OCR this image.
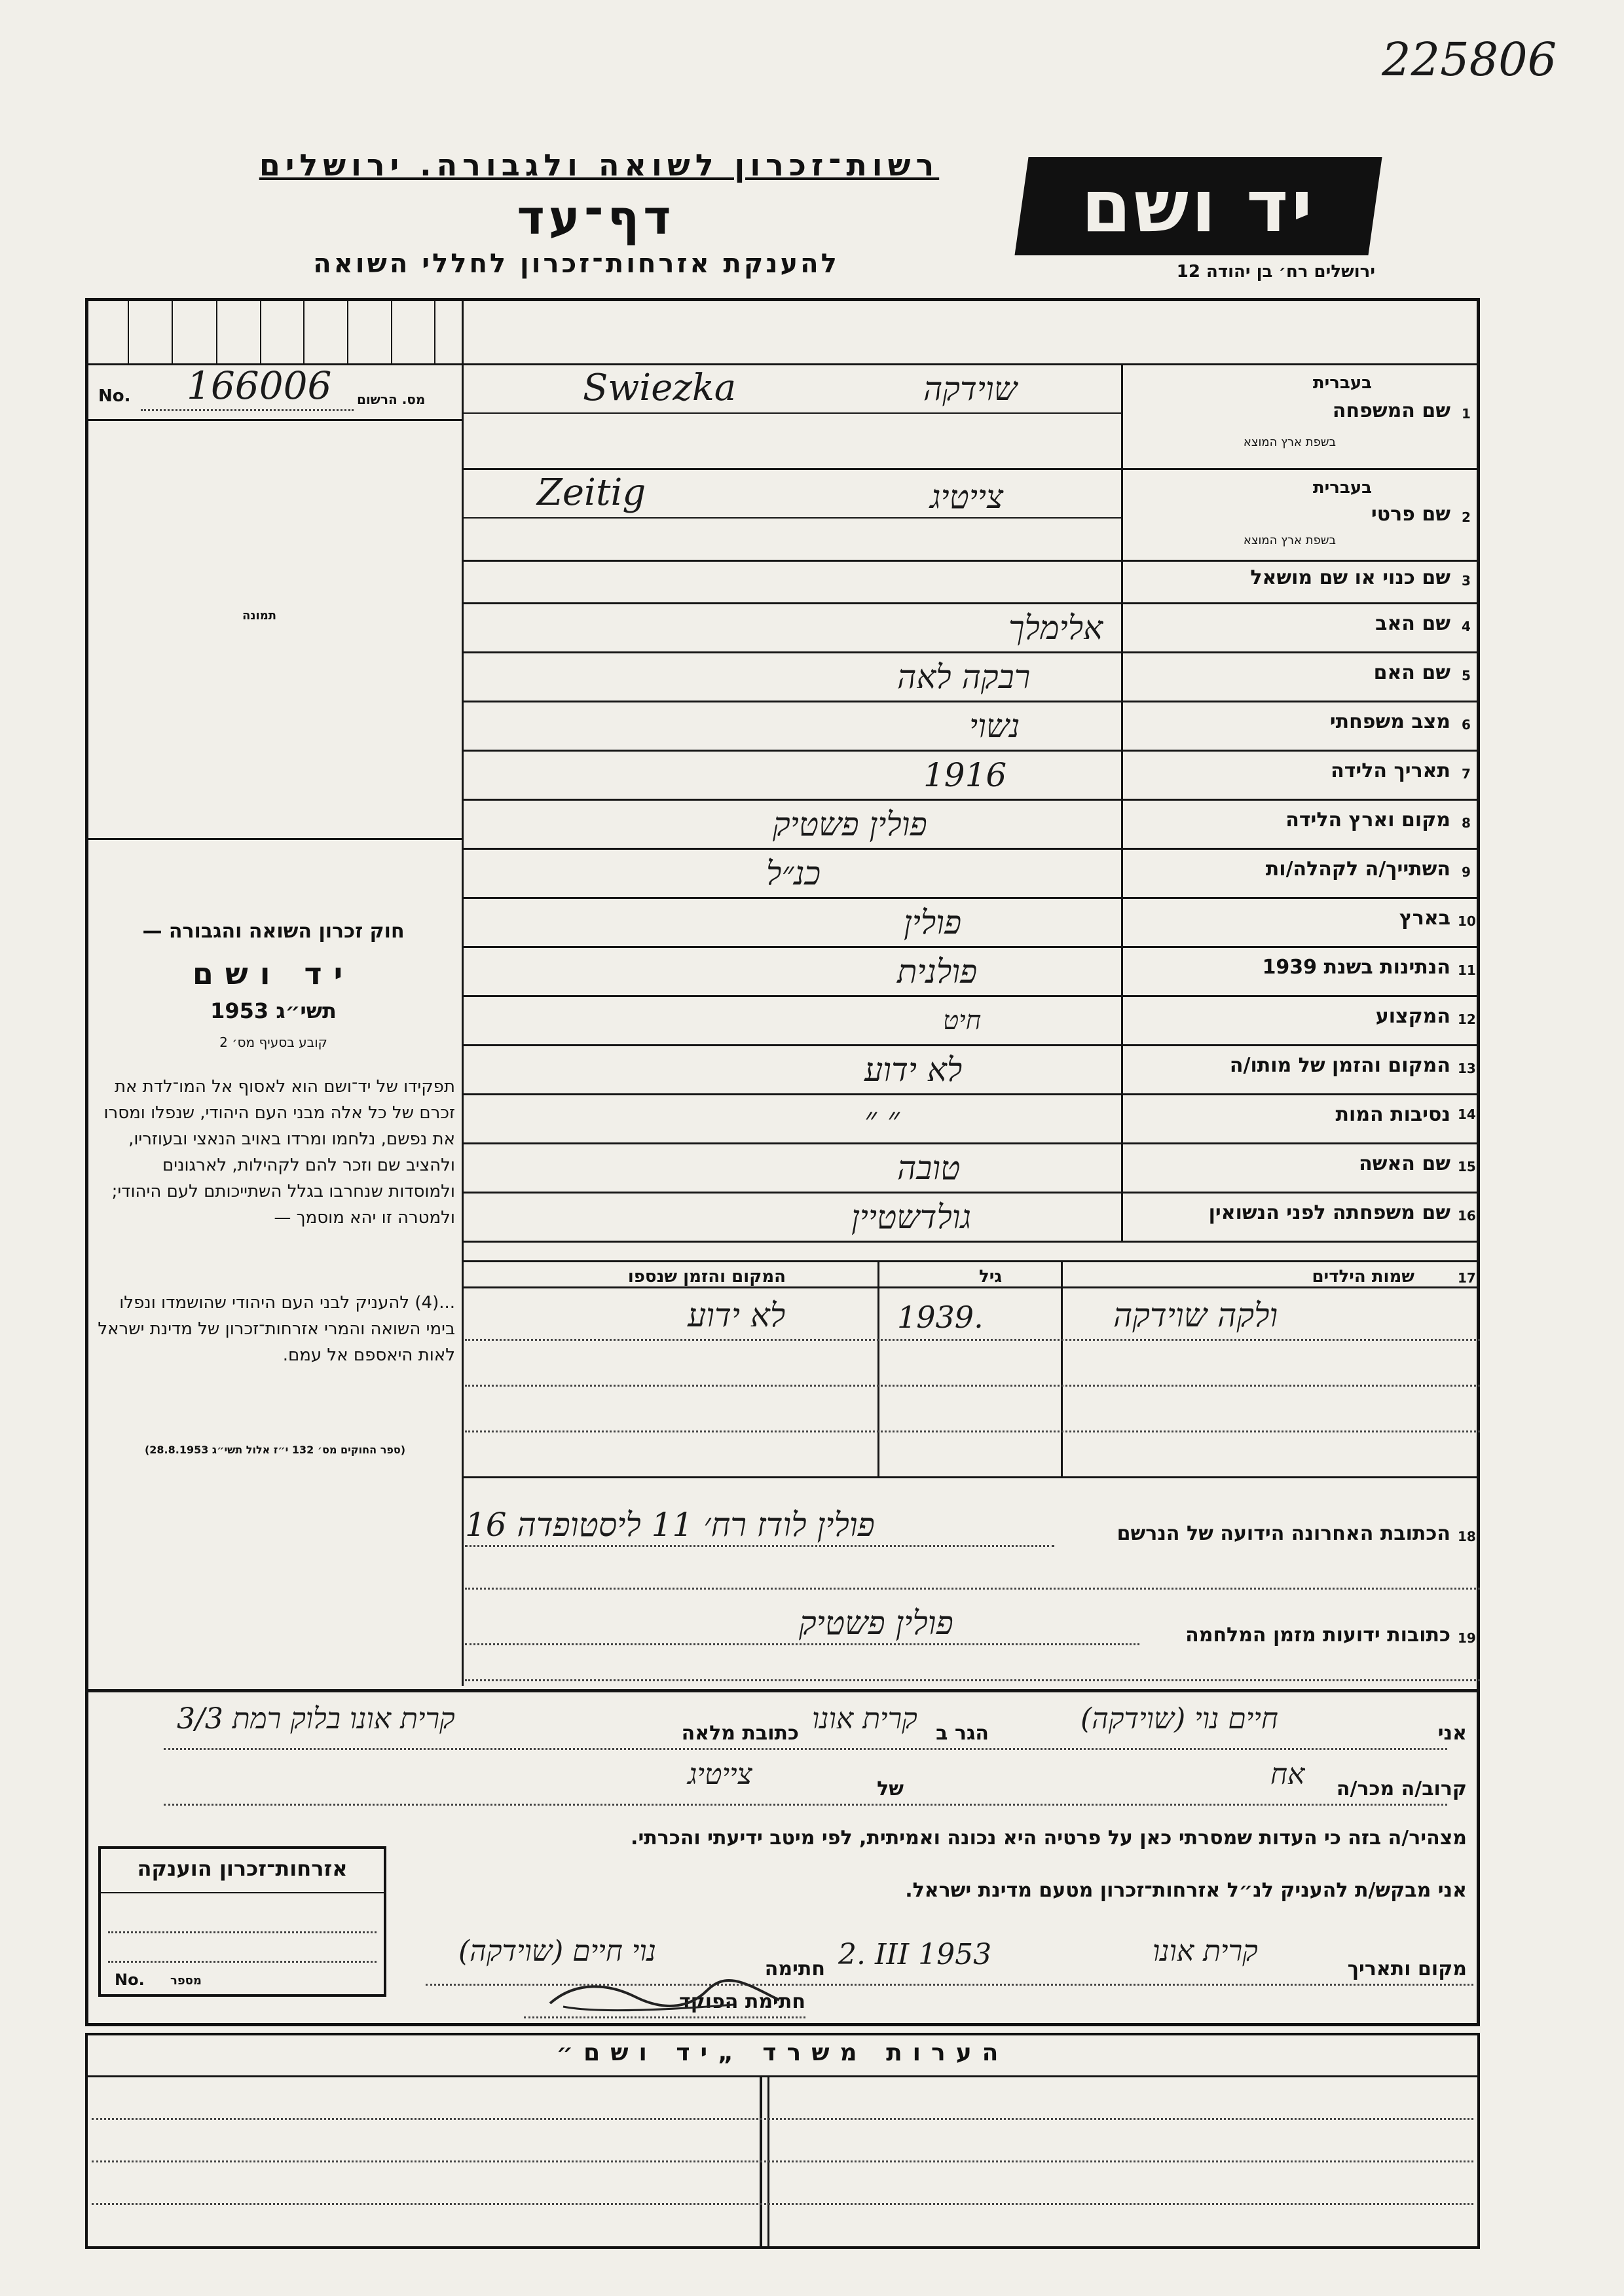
225806
רשות־זכרון לשואה ולגבורה. ירושלים
דף־עד
להענקת אזרחות־זכרון לחללי השואה
יד ושם
ירושלים רח׳ בן יהודה 12
No. 166006 מס. הרשום
תמונה
חוק זכרון השואה והגבורה —
יד ושם
תשי״ג 1953
קובע בסעיף מס׳ 2
תפקידו של יד־ושם הוא לאסוף אל המו־לדת את זכרם של כל אלה מבני העם היהודי, שנפלו ומסרו את נפשם, נלחמו ומרדו באויב הנאצי ובעוזריו, ולהציב שם וזכר להם לקהילות, לארגונים ולמוסדות שנחרבו בגלל השתייכותם לעם היהודי; ולמטרה זו יהא מוסמך —
...(4) להעניק לבני העם היהודי שהושמדו ונפלו בימי השואה והמרי אזרחות־זכרון של מדינת ישראל לאות היאספם אל עמם.
(ספר החוקים מס׳ 132 י״ז אלול תשי״ג 28.8.1953)
1
שם המשפחה
בעברית
בשפת ארץ המוצא
שוידקה
Swiezka
2
שם פרטי
בעברית
בשפת ארץ המוצא
צייטיג
Zeitig
3
שם כנוי או שם מושאל
4
שם האב
אלימלך
5
שם האם
רבקה לאה
6
מצב משפחתי
נשוי
7
תאריך הלידה
1916
8
מקום וארץ הלידה
פולין פשטיק
9
השתייך/ה לקהלה/ות
כנ״ל
10
בארץ
פולין
11
הנתינות בשנת 1939
פולנית
12
המקצוע
חיט
13
המקום והזמן של מותו/ה
לא ידוע
14
נסיבות המות
״ ״
15
שם האשה
טובה
16
שם משפחתה לפני הנשואין
גולדשטיין
17
שמות הילדים
גיל
המקום והזמן שנספו
ולקה שוידקה
1939.
לא ידוע
18
הכתובת האחרונה הידועה של הנרשם
פולין לודז רח׳ 11 ליסטופדה 16
19
כתובות ידועות מזמן המלחמה
פולין פשטיק
אני
חיים נוי (שוידקה)
הגר ב
קרית אונו
כתובת מלאה
קרית אונו בלוק רמת 3/3
קרוב/ה מכר/ה
אח
של
צייטיג
מצהיר/ה בזה כי העדות שמסרתי כאן על פרטיה היא נכונה ואמיתית, לפי מיטב ידיעתי והכרתי.
אני מבקש/ת להעניק לנ״ל אזרחות־זכרון מטעם מדינת ישראל.
מקום ותאריך
קרית אונו
2. III 1953
חתימה
נוי חיים (שוידקה)
חתימת הפוקד
אזרחות־זכרון הוענקה
No. מספר
הערות משרד „יד ושם״
